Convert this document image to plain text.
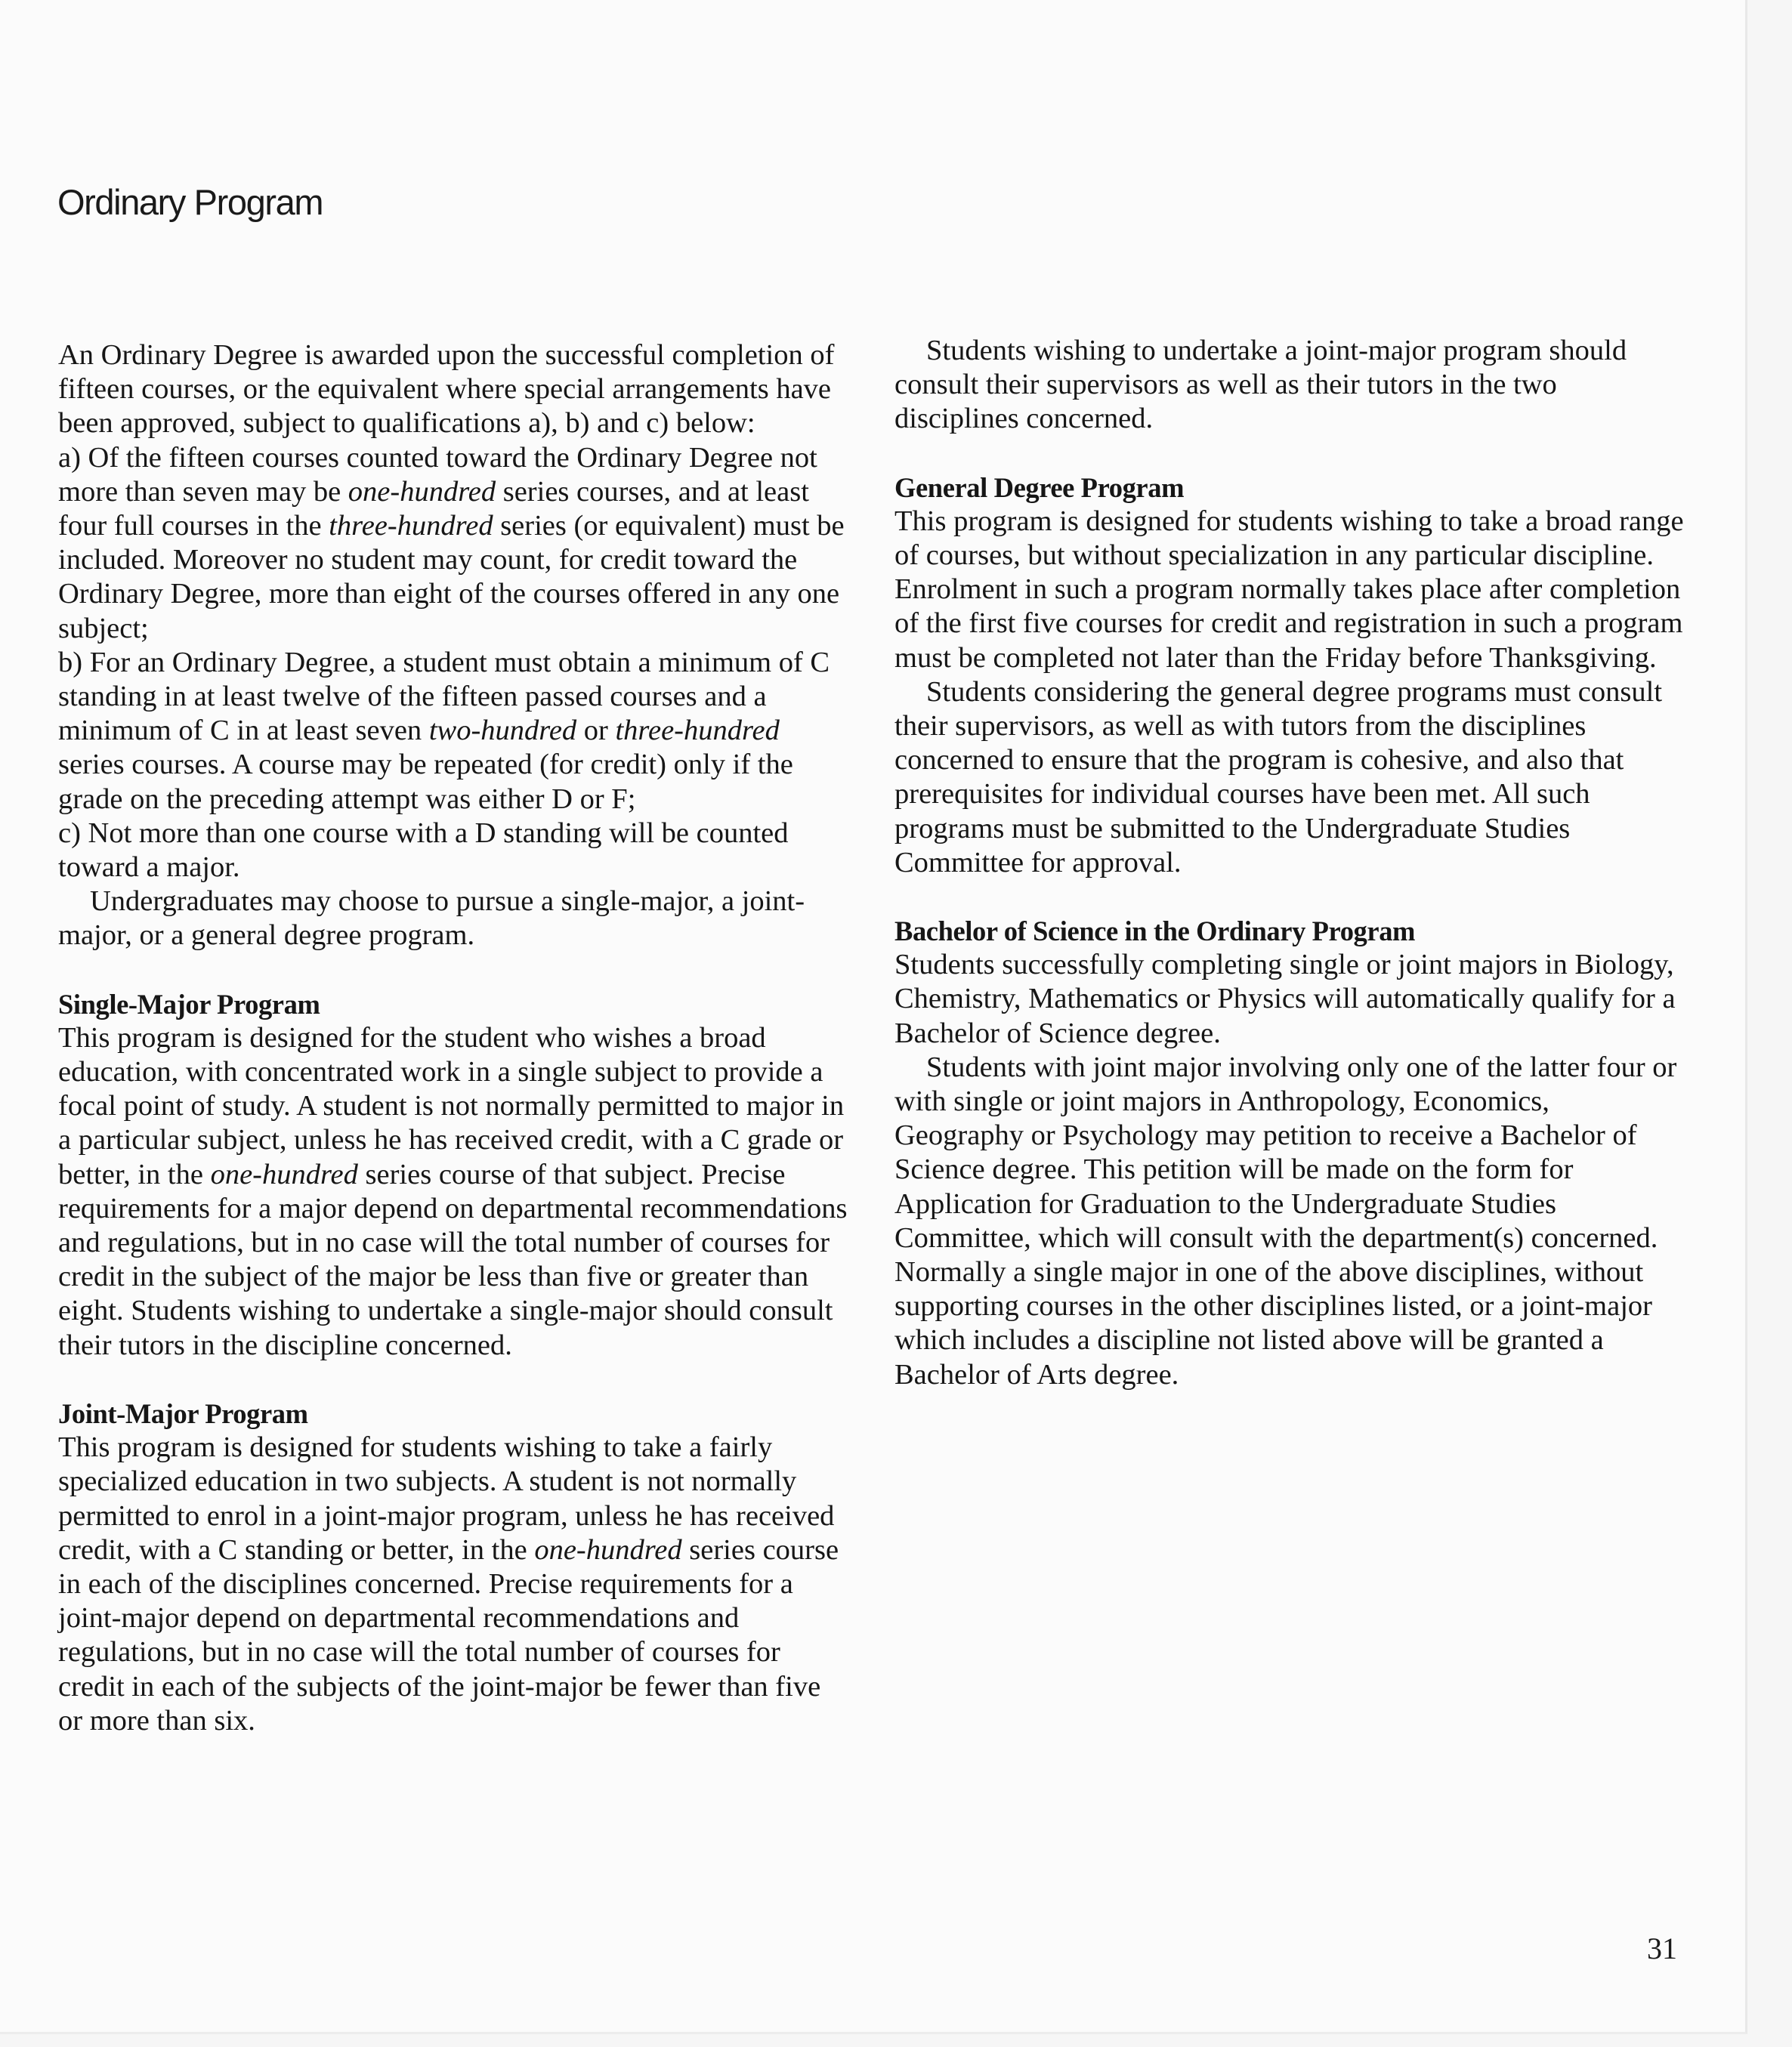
Ordinary Program

An Ordinary Degree is awarded upon the successful completion of fifteen courses, or the equivalent where special arrangements have been approved, subject to qualifications a), b) and c) below:

a) Of the fifteen courses counted toward the Ordinary Degree not more than seven may be one-hundred series courses, and at least four full courses in the three-hundred series (or equivalent) must be included. Moreover no student may count, for credit toward the Ordinary Degree, more than eight of the courses offered in any one subject;

b) For an Ordinary Degree, a student must obtain a minimum of C standing in at least twelve of the fifteen passed courses and a minimum of C in at least seven two-hundred or three-hundred series courses. A course may be repeated (for credit) only if the grade on the preceding attempt was either D or F;

c) Not more than one course with a D standing will be counted toward a major.

Undergraduates may choose to pursue a single-major, a joint-major, or a general degree program.

Single-Major Program

This program is designed for the student who wishes a broad education, with concentrated work in a single subject to provide a focal point of study. A student is not normally permitted to major in a particular subject, unless he has received credit, with a C grade or better, in the one-hundred series course of that subject. Precise requirements for a major depend on departmental recommendations and regulations, but in no case will the total number of courses for credit in the subject of the major be less than five or greater than eight. Students wishing to undertake a single-major should consult their tutors in the discipline concerned.

Joint-Major Program

This program is designed for students wishing to take a fairly specialized education in two subjects. A student is not normally permitted to enrol in a joint-major program, unless he has received credit, with a C standing or better, in the one-hundred series course in each of the disciplines concerned. Precise requirements for a joint-major depend on departmental recommendations and regulations, but in no case will the total number of courses for credit in each of the subjects of the joint-major be fewer than five or more than six.

Students wishing to undertake a joint-major program should consult their supervisors as well as their tutors in the two disciplines concerned.

General Degree Program

This program is designed for students wishing to take a broad range of courses, but without specialization in any particular discipline. Enrolment in such a program normally takes place after completion of the first five courses for credit and registration in such a program must be completed not later than the Friday before Thanksgiving.

Students considering the general degree programs must consult their supervisors, as well as with tutors from the disciplines concerned to ensure that the program is cohesive, and also that prerequisites for individual courses have been met. All such programs must be submitted to the Undergraduate Studies Committee for approval.

Bachelor of Science in the Ordinary Program

Students successfully completing single or joint majors in Biology, Chemistry, Mathematics or Physics will automatically qualify for a Bachelor of Science degree.

Students with joint major involving only one of the latter four or with single or joint majors in Anthropology, Economics, Geography or Psychology may petition to receive a Bachelor of Science degree. This petition will be made on the form for Application for Graduation to the Undergraduate Studies Committee, which will consult with the department(s) concerned. Normally a single major in one of the above disciplines, without supporting courses in the other disciplines listed, or a joint-major which includes a discipline not listed above will be granted a Bachelor of Arts degree.

31
